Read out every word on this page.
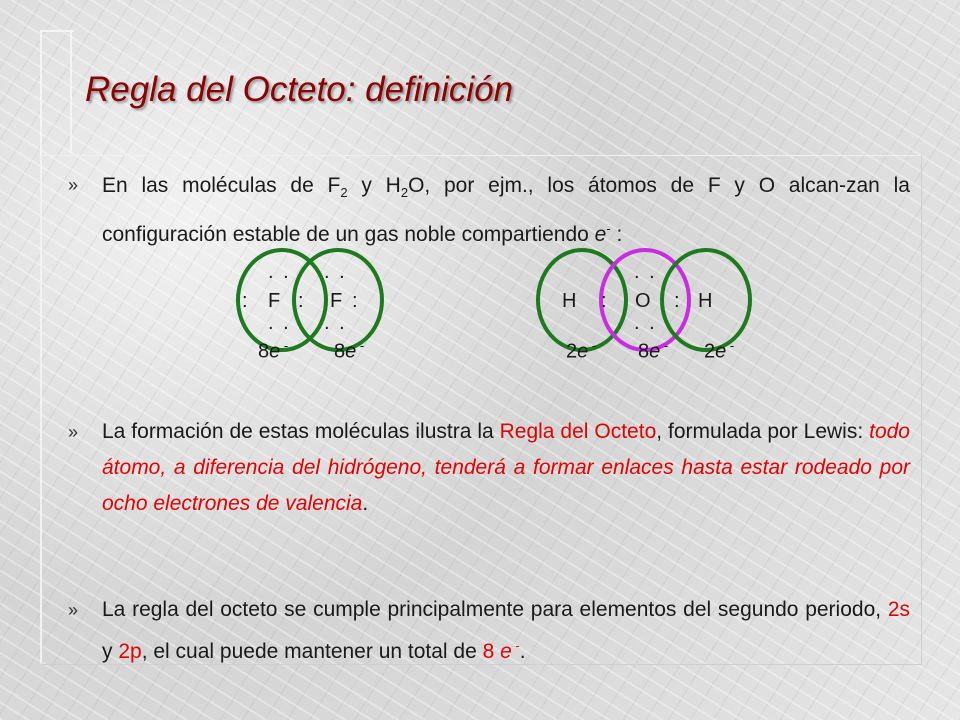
Regla del Octeto: definición
» En las moléculas de $F_2$ y $H_2O$, por ejm., los átomos de F y O alcan-zan la configuración estable de un gas noble compartiendo e- :

. . . .
: F : F :
. . . .
8e - 8e -
H :
. .
O
. .
: H
2e - 8e - 2e -
» La formación de estas moléculas ilustra la Regla del Octeto, formulada por Lewis: todo átomo, a diferencia del hidrógeno, tenderá a formar enlaces hasta estar rodeado por ocho electrones de valencia.

» La regla del octeto se cumple principalmente para elementos del segundo periodo, 2s y 2p, el cual puede mantener un total de 8 e -.
